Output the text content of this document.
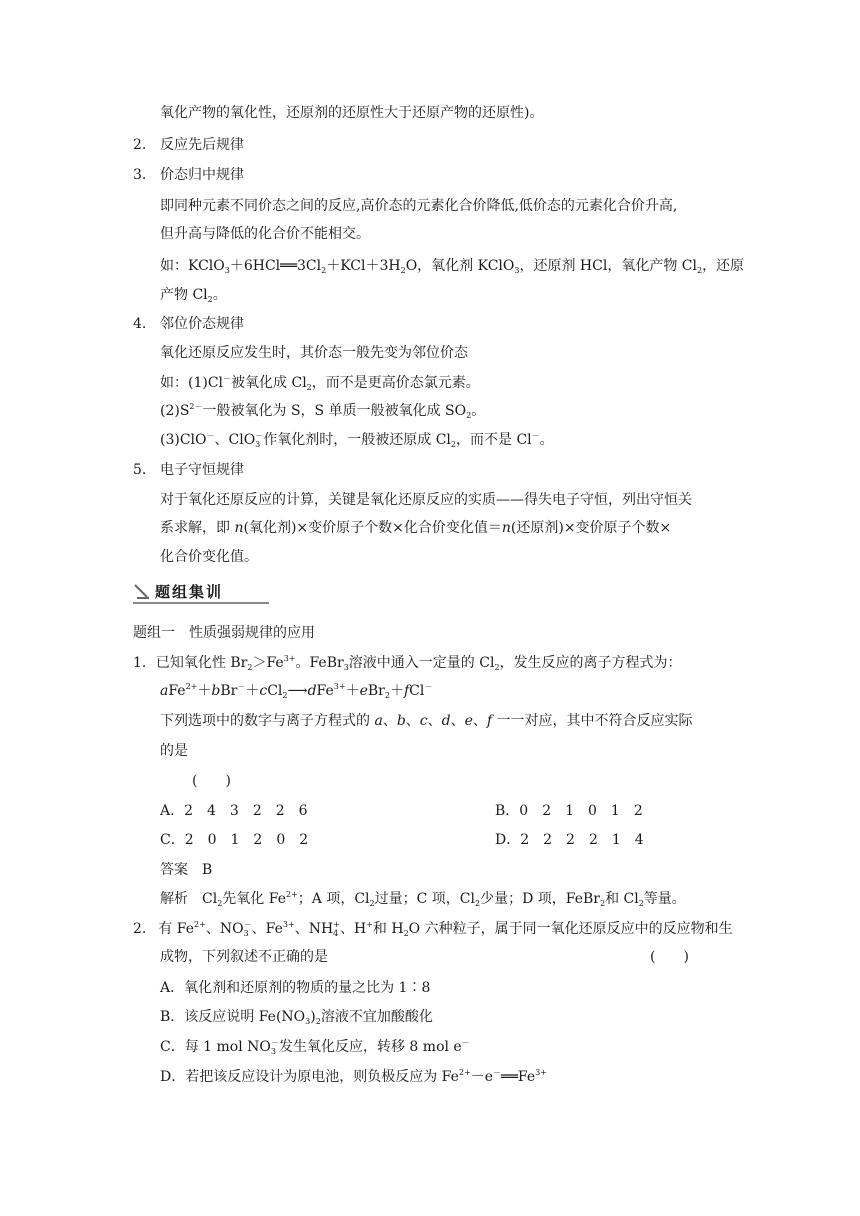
氧化产物的氧化性，还原剂的还原性大于还原产物的还原性)。
2. 反应先后规律
3. 价态归中规律
即同种元素不同价态之间的反应,高价态的元素化合价降低,低价态的元素化合价升高,
但升高与降低的化合价不能相交。
如：$KClO_3+6HCl══3Cl_2+KCl+3H_2O$，氧化剂 KClO$_3$，还原剂 HCl，氧化产物 $Cl_2$，还原
产物 $Cl_2$。
4. 邻位价态规律
氧化还原反应发生时，其价态一般先变为邻位价态
如：(1)Cl－被氧化成 $Cl_2$，而不是更高价态氯元素。
$(2)S^{2-}$一般被氧化为 S，S 单质一般被氧化成 $SO_2$。
(3)ClO－、ClO$_3$－作氧化剂时，一般被还原成 $Cl_2$，而不是 Cl－。
5. 电子守恒规律
对于氧化还原反应的计算，关键是氧化还原反应的实质——得失电子守恒，列出守恒关
系求解，即 n(氧化剂)×变价原子个数×化合价变化值＝n(还原剂)×变价原子个数×
化合价变化值。
题组集训
题组一　性质强弱规律的应用
1．已知氧化性 $Br_2>Fe^{3+}$。FeBr$_3$溶液中通入一定量的 $Cl_2$，发生反应的离子方程式为：
aFe$^{2+}$＋bBr－＋cCl$_2$⟶dFe$^{3+}$＋eBr$_2$＋fCl－
下列选项中的数字与离子方程式的 a、b、c、d、e、f 一一对应，其中不符合反应实际
的是
(　　)
A．2　4　3　2　2　6	B．0　2　1　0　1　2
C．2　0　1　2　0　2	D．2　2　2　2　1　4
答案　B
解析　$Cl_2$先氧化 $Fe^{2+}$；A 项，$Cl_2$过量；C 项，$Cl_2$少量；D 项，FeBr$_2$和 $Cl_2$等量。
2. 有 $Fe^{2+}$、$NO_3^-$、$Fe^{3+}$、$NH_4^+$、H+和 $H_2O$ 六种粒子，属于同一氧化还原反应中的反应物和生
成物，下列叙述不正确的是	(　　)
A．氧化剂和还原剂的物质的量之比为 1∶8
B．该反应说明 $Fe(NO_3)_2$溶液不宜加酸酸化
C．每 1 mol $NO_3^-$发生氧化反应，转移 8 mol e－
D．若把该反应设计为原电池，则负极反应为 $Fe^{2+}-e^-══Fe^{3+}$
